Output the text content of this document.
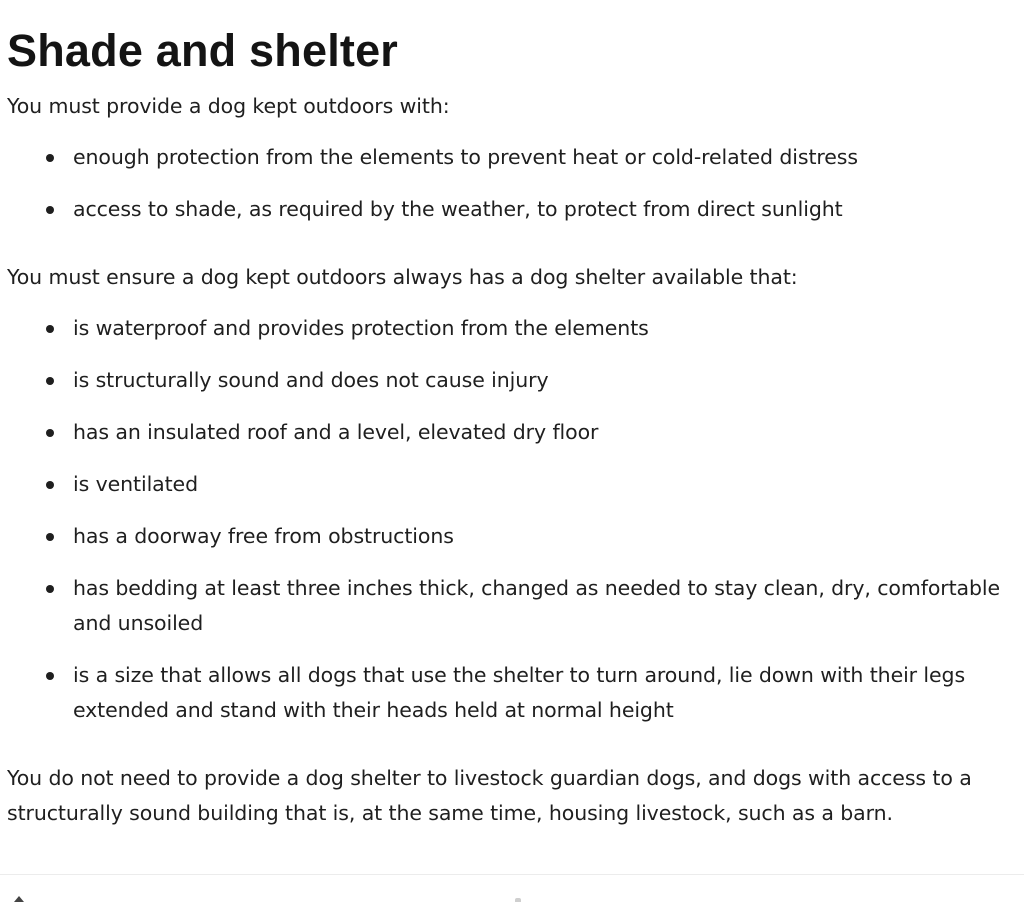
Shade and shelter

You must provide a dog kept outdoors with:

enough protection from the elements to prevent heat or cold-related distress
access to shade, as required by the weather, to protect from direct sunlight

You must ensure a dog kept outdoors always has a dog shelter available that:

is waterproof and provides protection from the elements
is structurally sound and does not cause injury
has an insulated roof and a level, elevated dry floor
is ventilated
has a doorway free from obstructions
has bedding at least three inches thick, changed as needed to stay clean, dry, comfortable and unsoiled
is a size that allows all dogs that use the shelter to turn around, lie down with their legs extended and stand with their heads held at normal height

You do not need to provide a dog shelter to livestock guardian dogs, and dogs with access to a structurally sound building that is, at the same time, housing livestock, such as a barn.
